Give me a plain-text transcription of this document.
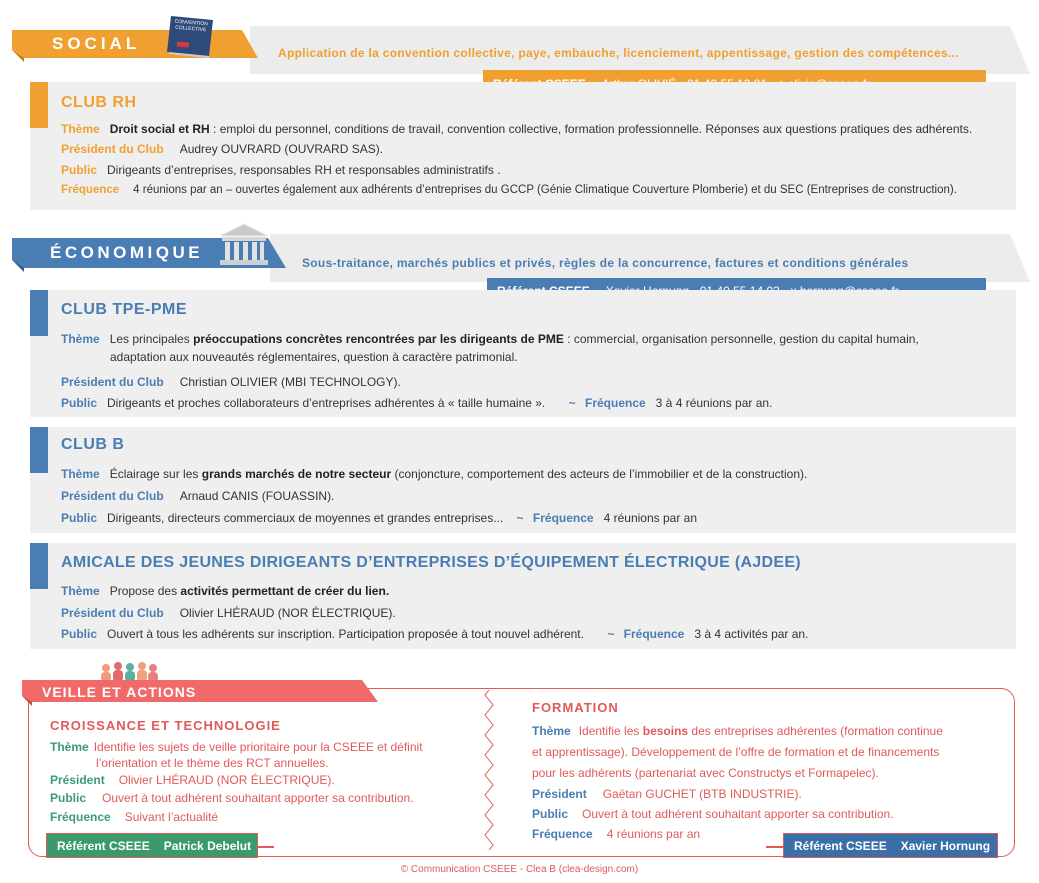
SOCIAL
CONVENTION COLLECTIVE
Application de la convention collective, paye, embauche, licenciement, appentissage, gestion des compétences...
CLUB RH
Thème Droit social et RH : emploi du personnel, conditions de travail, convention collective, formation professionnelle. Réponses aux questions pratiques des adhérents.
Président du Club Audrey OUVRARD (OUVRARD SAS).
Public Dirigeants d’entreprises, responsables RH et responsables administratifs .
Fréquence 4 réunions par an – ouvertes également aux adhérents d’entreprises du GCCP (Génie Climatique Couverture Plomberie) et du SEC (Entreprises de construction).
ÉCONOMIQUE
Sous-traitance, marchés publics et privés, règles de la concurrence, factures et conditions générales
CLUB TPE-PME
Thème Les principales préoccupations concrètes rencontrées par les dirigeants de PME : commercial, organisation personnelle, gestion du capital humain,
adaptation aux nouveautés réglementaires, question à caractère patrimonial.
Président du Club Christian OLIVIER (MBI TECHNOLOGY).
Public Dirigeants et proches collaborateurs d’entreprises adhérentes à « taille humaine ». ~ Fréquence 3 à 4 réunions par an.
CLUB B
Thème Éclairage sur les grands marchés de notre secteur (conjoncture, comportement des acteurs de l’immobilier et de la construction).
Président du Club Arnaud CANIS (FOUASSIN).
Public Dirigeants, directeurs commerciaux de moyennes et grandes entreprises... ~ Fréquence 4 réunions par an
AMICALE DES JEUNES DIRIGEANTS D’ENTREPRISES D’ÉQUIPEMENT ÉLECTRIQUE (AJDEE)
Thème Propose des activités permettant de créer du lien.
Président du Club Olivier LHÉRAUD (NOR ÉLECTRIQUE).
Public Ouvert à tous les adhérents sur inscription. Participation proposée à tout nouvel adhérent. ~ Fréquence 3 à 4 activités par an.
VEILLE ET ACTIONS
CROISSANCE ET TECHNOLOGIE
Thème Identifie les sujets de veille prioritaire pour la CSEEE et définit
l’orientation et le thème des RCT annuelles.
Président Olivier LHÉRAUD (NOR ÉLECTRIQUE).
Public Ouvert à tout adhérent souhaitant apporter sa contribution.
Fréquence Suivant l’actualité
Référent CSEEE Patrick Debelut
FORMATION
Thème Identifie les besoins des entreprises adhérentes (formation continue
et apprentissage). Développement de l’offre de formation et de financements
pour les adhérents (partenariat avec Constructys et Formapelec).
Président Gaëtan GUCHET (BTB INDUSTRIE).
Public Ouvert à tout adhérent souhaitant apporter sa contribution.
Fréquence 4 réunions par an
Référent CSEEE Xavier Hornung
© Communication CSEEE - Clea B (clea-design.com)
